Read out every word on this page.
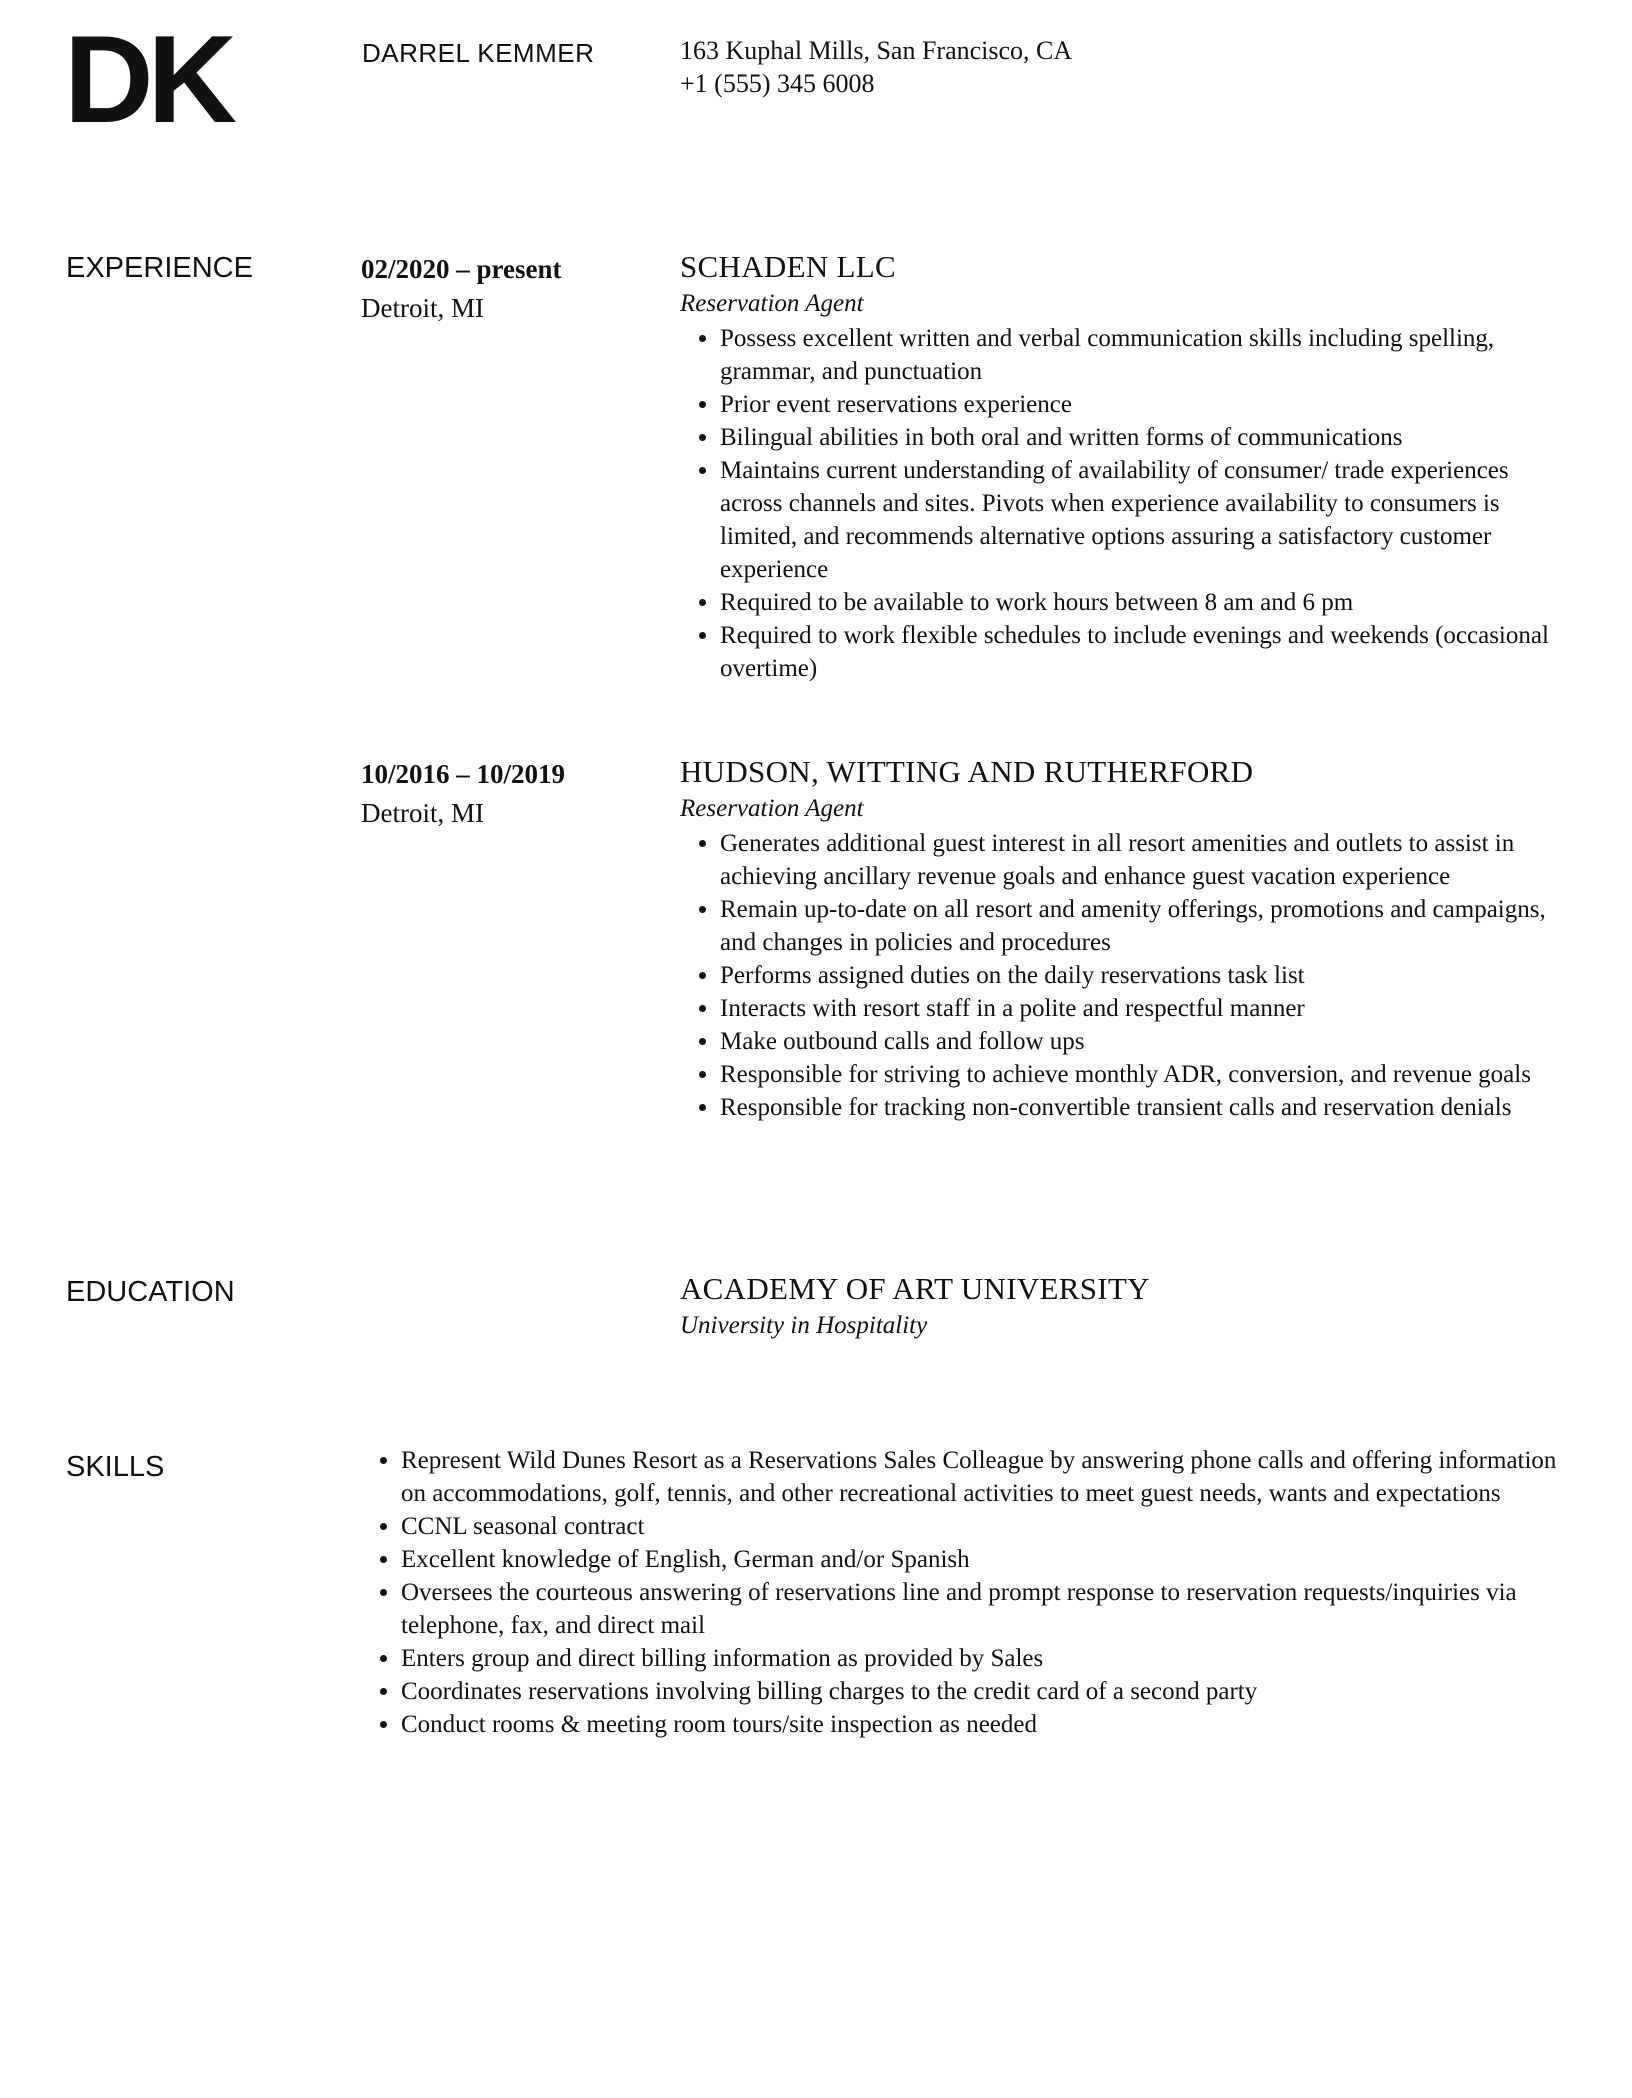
DK	DARREL KEMMER	163 Kuphal Mills, San Francisco, CA
+1 (555) 345 6008
EXPERIENCE	02/2020 – present
Detroit, MI
SCHADEN LLC
Reservation Agent
• Possess excellent written and verbal communication skills including spelling, grammar, and punctuation
• Prior event reservations experience
• Bilingual abilities in both oral and written forms of communications
• Maintains current understanding of availability of consumer/ trade experiences across channels and sites. Pivots when experience availability to consumers is limited, and recommends alternative options assuring a satisfactory customer experience
• Required to be available to work hours between 8 am and 6 pm
• Required to work flexible schedules to include evenings and weekends (occasional overtime)
10/2016 – 10/2019
Detroit, MI
HUDSON, WITTING AND RUTHERFORD
Reservation Agent
• Generates additional guest interest in all resort amenities and outlets to assist in achieving ancillary revenue goals and enhance guest vacation experience
• Remain up-to-date on all resort and amenity offerings, promotions and campaigns, and changes in policies and procedures
• Performs assigned duties on the daily reservations task list
• Interacts with resort staff in a polite and respectful manner
• Make outbound calls and follow ups
• Responsible for striving to achieve monthly ADR, conversion, and revenue goals
• Responsible for tracking non-convertible transient calls and reservation denials
EDUCATION	ACADEMY OF ART UNIVERSITY
University in Hospitality
SKILLS
•	Represent Wild Dunes Resort as a Reservations Sales Colleague by answering phone calls and offering information on accommodations, golf, tennis, and other recreational activities to meet guest needs, wants and expectations
• CCNL seasonal contract
• Excellent knowledge of English, German and/or Spanish
• Oversees the courteous answering of reservations line and prompt response to reservation requests/inquiries via telephone, fax, and direct mail
• Enters group and direct billing information as provided by Sales
• Coordinates reservations involving billing charges to the credit card of a second party
• Conduct rooms & meeting room tours/site inspection as needed
